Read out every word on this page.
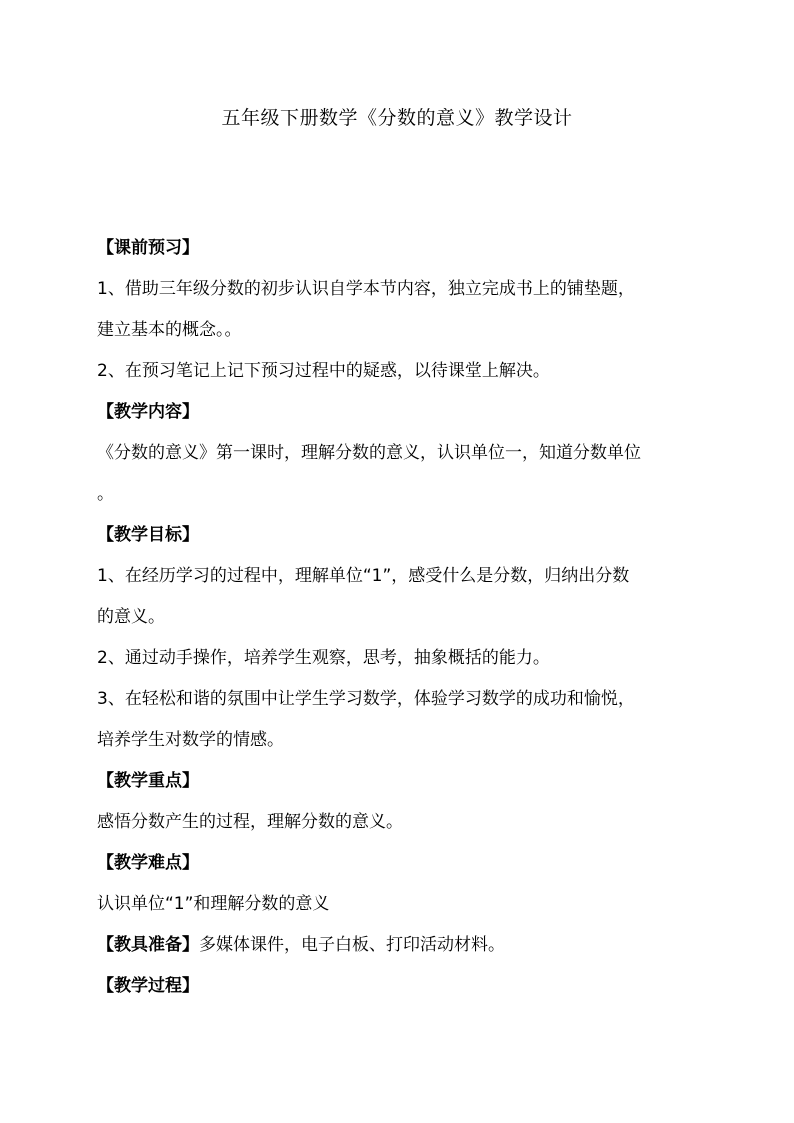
五年级下册数学《分数的意义》教学设计
【课前预习】
1、借助三年级分数的初步认识自学本节内容，独立完成书上的铺垫题，
建立基本的概念。。
2、在预习笔记上记下预习过程中的疑惑，以待课堂上解决。
【教学内容】
《分数的意义》第一课时，理解分数的意义，认识单位一，知道分数单位
。
【教学目标】
1、在经历学习的过程中，理解单位“1”，感受什么是分数，归纳出分数
的意义。
2、通过动手操作，培养学生观察，思考，抽象概括的能力。
3、在轻松和谐的氛围中让学生学习数学，体验学习数学的成功和愉悦，
培养学生对数学的情感。
【教学重点】
感悟分数产生的过程，理解分数的意义。
【教学难点】
认识单位“1”和理解分数的意义
【教具准备】多媒体课件，电子白板、打印活动材料。
【教学过程】
